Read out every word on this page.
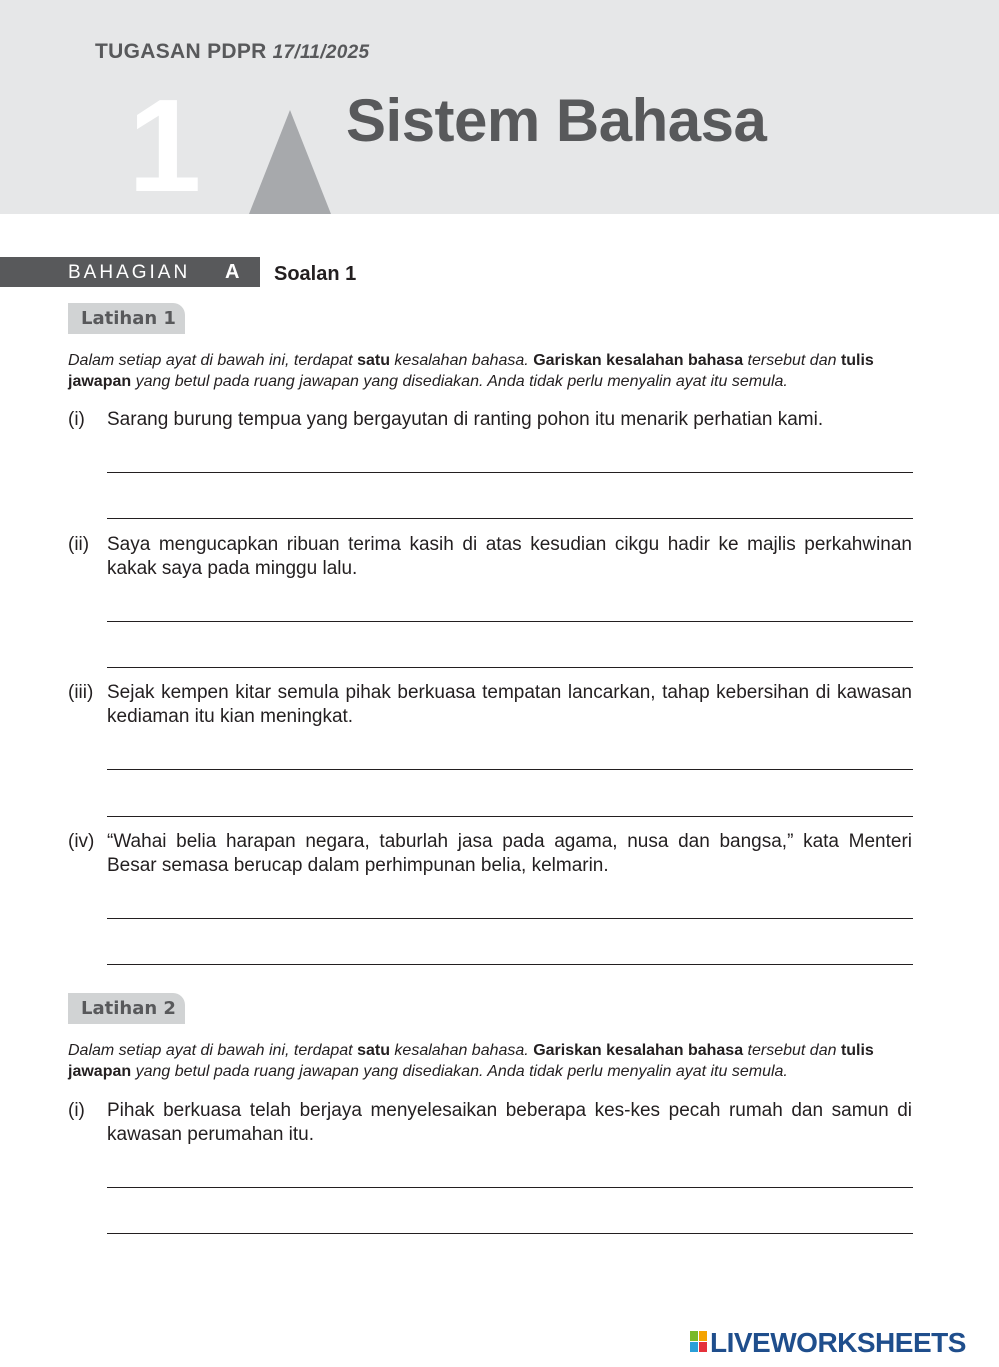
TUGASAN PDPR 17/11/2025
1 Sistem Bahasa
BAHAGIAN A Soalan 1
Latihan 1
Dalam setiap ayat di bawah ini, terdapat satu kesalahan bahasa. Gariskan kesalahan bahasa tersebut dan tulis jawapan yang betul pada ruang jawapan yang disediakan. Anda tidak perlu menyalin ayat itu semula.
(i) Sarang burung tempua yang bergayutan di ranting pohon itu menarik perhatian kami.
(ii) Saya mengucapkan ribuan terima kasih di atas kesudian cikgu hadir ke majlis perkahwinan kakak saya pada minggu lalu.
(iii) Sejak kempen kitar semula pihak berkuasa tempatan lancarkan, tahap kebersihan di kawasan kediaman itu kian meningkat.
(iv) “Wahai belia harapan negara, taburlah jasa pada agama, nusa dan bangsa,” kata Menteri Besar semasa berucap dalam perhimpunan belia, kelmarin.
Latihan 2
Dalam setiap ayat di bawah ini, terdapat satu kesalahan bahasa. Gariskan kesalahan bahasa tersebut dan tulis jawapan yang betul pada ruang jawapan yang disediakan. Anda tidak perlu menyalin ayat itu semula.
(i) Pihak berkuasa telah berjaya menyelesaikan beberapa kes-kes pecah rumah dan samun di kawasan perumahan itu.
LIVEWORKSHEETS
